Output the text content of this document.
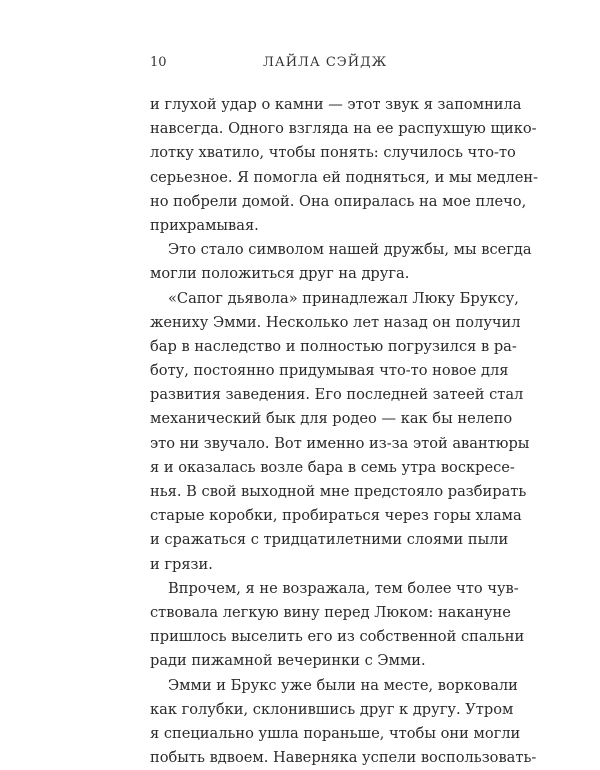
10	ЛАЙЛА СЭЙДЖ
и глухой удар о камни — этот звук я запомнила
навсегда. Одного взгляда на ее распухшую щико-
лотку хватило, чтобы понять: случилось что-то
серьезное. Я помогла ей подняться, и мы медлен-
но побрели домой. Она опиралась на мое плечо,
прихрамывая.
Это стало символом нашей дружбы, мы всегда
могли положиться друг на друга.
«Сапог дьявола» принадлежал Люку Бруксу,
жениху Эмми. Несколько лет назад он получил
бар в наследство и полностью погрузился в ра-
боту, постоянно придумывая что-то новое для
развития заведения. Его последней затеей стал
механический бык для родео — как бы нелепо
это ни звучало. Вот именно из-за этой авантюры
я и оказалась возле бара в семь утра воскресе-
нья. В свой выходной мне предстояло разбирать
старые коробки, пробираться через горы хлама
и сражаться с тридцатилетними слоями пыли
и грязи.
Впрочем, я не возражала, тем более что чув-
ствовала легкую вину перед Люком: накануне
пришлось выселить его из собственной спальни
ради пижамной вечеринки с Эмми.
Эмми и Брукс уже были на месте, ворковали
как голубки, склонившись друг к другу. Утром
я специально ушла пораньше, чтобы они могли
побыть вдвоем. Наверняка успели воспользовать-
